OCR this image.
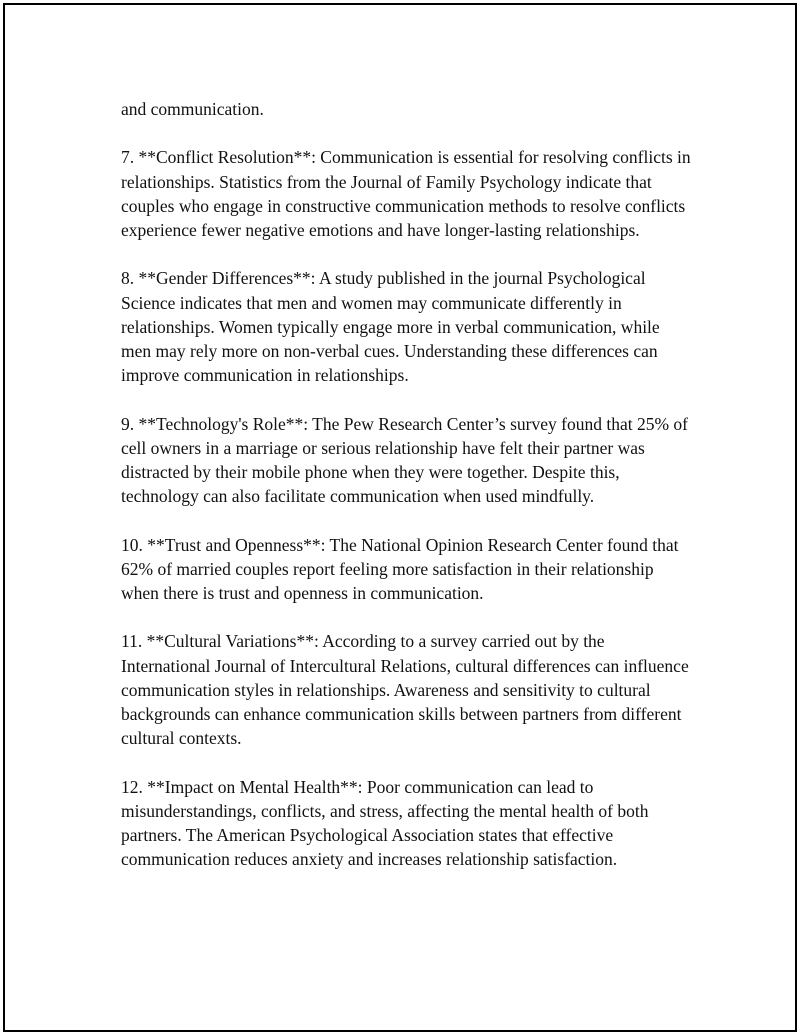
and communication.

7. **Conflict Resolution**: Communication is essential for resolving conflicts in relationships. Statistics from the Journal of Family Psychology indicate that couples who engage in constructive communication methods to resolve conflicts experience fewer negative emotions and have longer-lasting relationships.

8. **Gender Differences**: A study published in the journal Psychological Science indicates that men and women may communicate differently in relationships. Women typically engage more in verbal communication, while men may rely more on non-verbal cues. Understanding these differences can improve communication in relationships.

9. **Technology's Role**: The Pew Research Center’s survey found that 25% of cell owners in a marriage or serious relationship have felt their partner was distracted by their mobile phone when they were together. Despite this, technology can also facilitate communication when used mindfully.

10. **Trust and Openness**: The National Opinion Research Center found that 62% of married couples report feeling more satisfaction in their relationship when there is trust and openness in communication.

11. **Cultural Variations**: According to a survey carried out by the International Journal of Intercultural Relations, cultural differences can influence communication styles in relationships. Awareness and sensitivity to cultural backgrounds can enhance communication skills between partners from different cultural contexts.

12. **Impact on Mental Health**: Poor communication can lead to misunderstandings, conflicts, and stress, affecting the mental health of both partners. The American Psychological Association states that effective communication reduces anxiety and increases relationship satisfaction.
